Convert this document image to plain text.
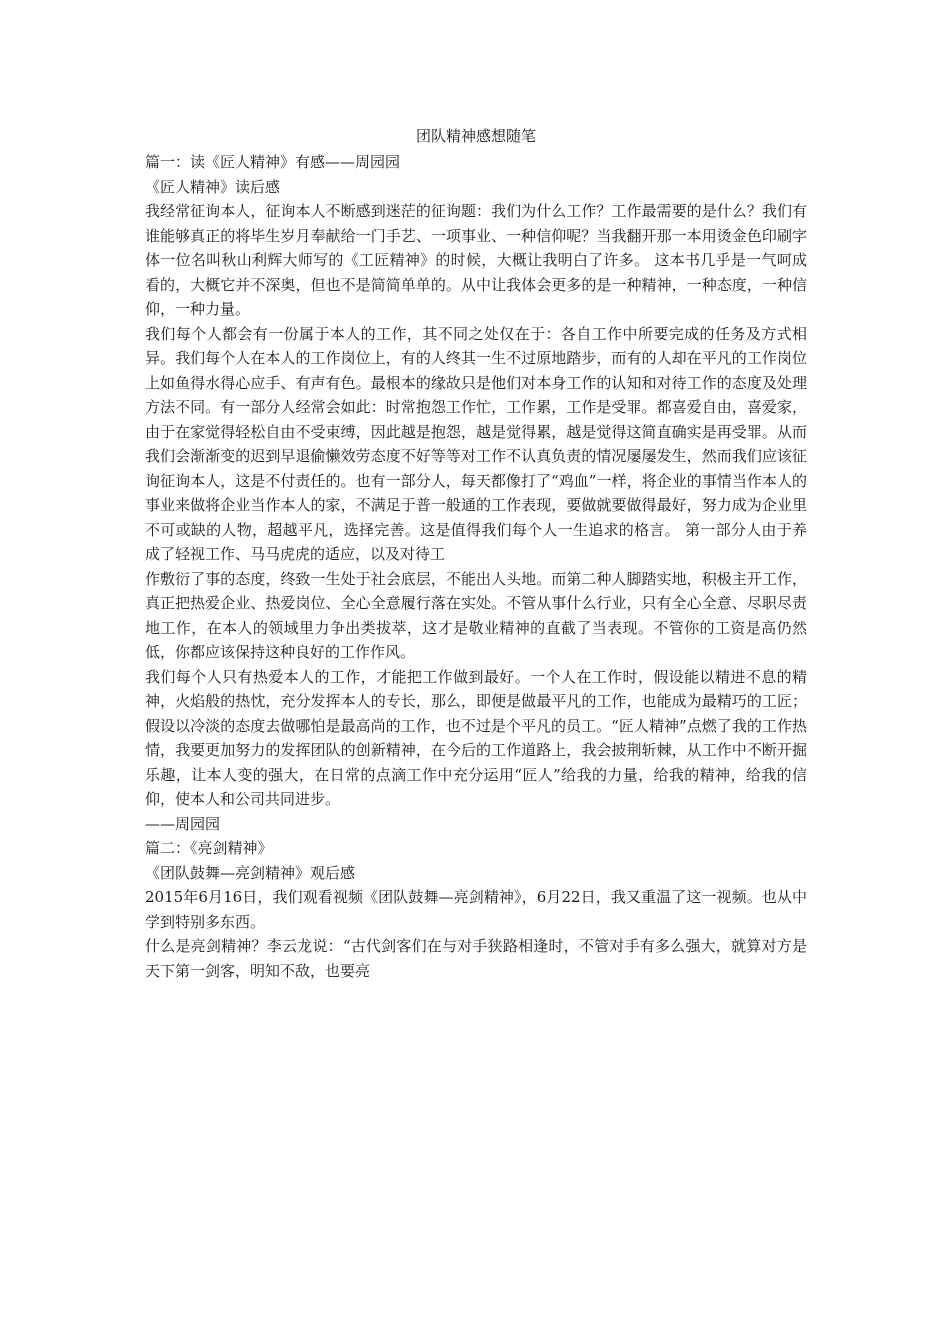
团队精神感想随笔

篇一：读《匠人精神》有感——周园园

《匠人精神》读后感

我经常征询本人，征询本人不断感到迷茫的征询题：我们为什么工作？工作最需要的是什么？我们有谁能够真正的将毕生岁月奉献给一门手艺、一项事业、一种信仰呢？当我翻开那一本用烫金色印刷字体一位名叫秋山利辉大师写的《工匠精神》的时候，大概让我明白了许多。 这本书几乎是一气呵成看的，大概它并不深奥，但也不是简简单单的。从中让我体会更多的是一种精神，一种态度，一种信仰，一种力量。

我们每个人都会有一份属于本人的工作，其不同之处仅在于：各自工作中所要完成的任务及方式相异。我们每个人在本人的工作岗位上，有的人终其一生不过原地踏步，而有的人却在平凡的工作岗位上如鱼得水得心应手、有声有色。最根本的缘故只是他们对本身工作的认知和对待工作的态度及处理方法不同。有一部分人经常会如此：时常抱怨工作忙，工作累，工作是受罪。都喜爱自由，喜爱家，由于在家觉得轻松自由不受束缚，因此越是抱怨，越是觉得累，越是觉得这简直确实是再受罪。从而我们会渐渐变的迟到早退偷懒效劳态度不好等等对工作不认真负责的情况屡屡发生，然而我们应该征询征询本人，这是不付责任的。也有一部分人，每天都像打了“鸡血”一样，将企业的事情当作本人的事业来做将企业当作本人的家，不满足于普一般通的工作表现，要做就要做得最好，努力成为企业里不可或缺的人物，超越平凡，选择完善。这是值得我们每个人一生追求的格言。 第一部分人由于养成了轻视工作、马马虎虎的适应，以及对待工

作敷衍了事的态度，终致一生处于社会底层，不能出人头地。而第二种人脚踏实地，积极主开工作，真正把热爱企业、热爱岗位、全心全意履行落在实处。不管从事什么行业，只有全心全意、尽职尽责地工作，在本人的领域里力争出类拔萃，这才是敬业精神的直截了当表现。不管你的工资是高仍然低，你都应该保持这种良好的工作作风。

我们每个人只有热爱本人的工作，才能把工作做到最好。一个人在工作时，假设能以精进不息的精神，火焰般的热忱，充分发挥本人的专长，那么，即便是做最平凡的工作，也能成为最精巧的工匠；假设以冷淡的态度去做哪怕是最高尚的工作，也不过是个平凡的员工。“匠人精神”点燃了我的工作热情，我要更加努力的发挥团队的创新精神，在今后的工作道路上，我会披荆斩棘，从工作中不断开掘乐趣，让本人变的强大，在日常的点滴工作中充分运用“匠人”给我的力量，给我的精神，给我的信仰，使本人和公司共同进步。

——周园园

篇二：《亮剑精神》

《团队鼓舞—亮剑精神》观后感

2015年6月16日，我们观看视频《团队鼓舞—亮剑精神》，6月22日，我又重温了这一视频。也从中学到特别多东西。

什么是亮剑精神？李云龙说：“古代剑客们在与对手狭路相逢时，不管对手有多么强大，就算对方是天下第一剑客，明知不敌，也要亮
